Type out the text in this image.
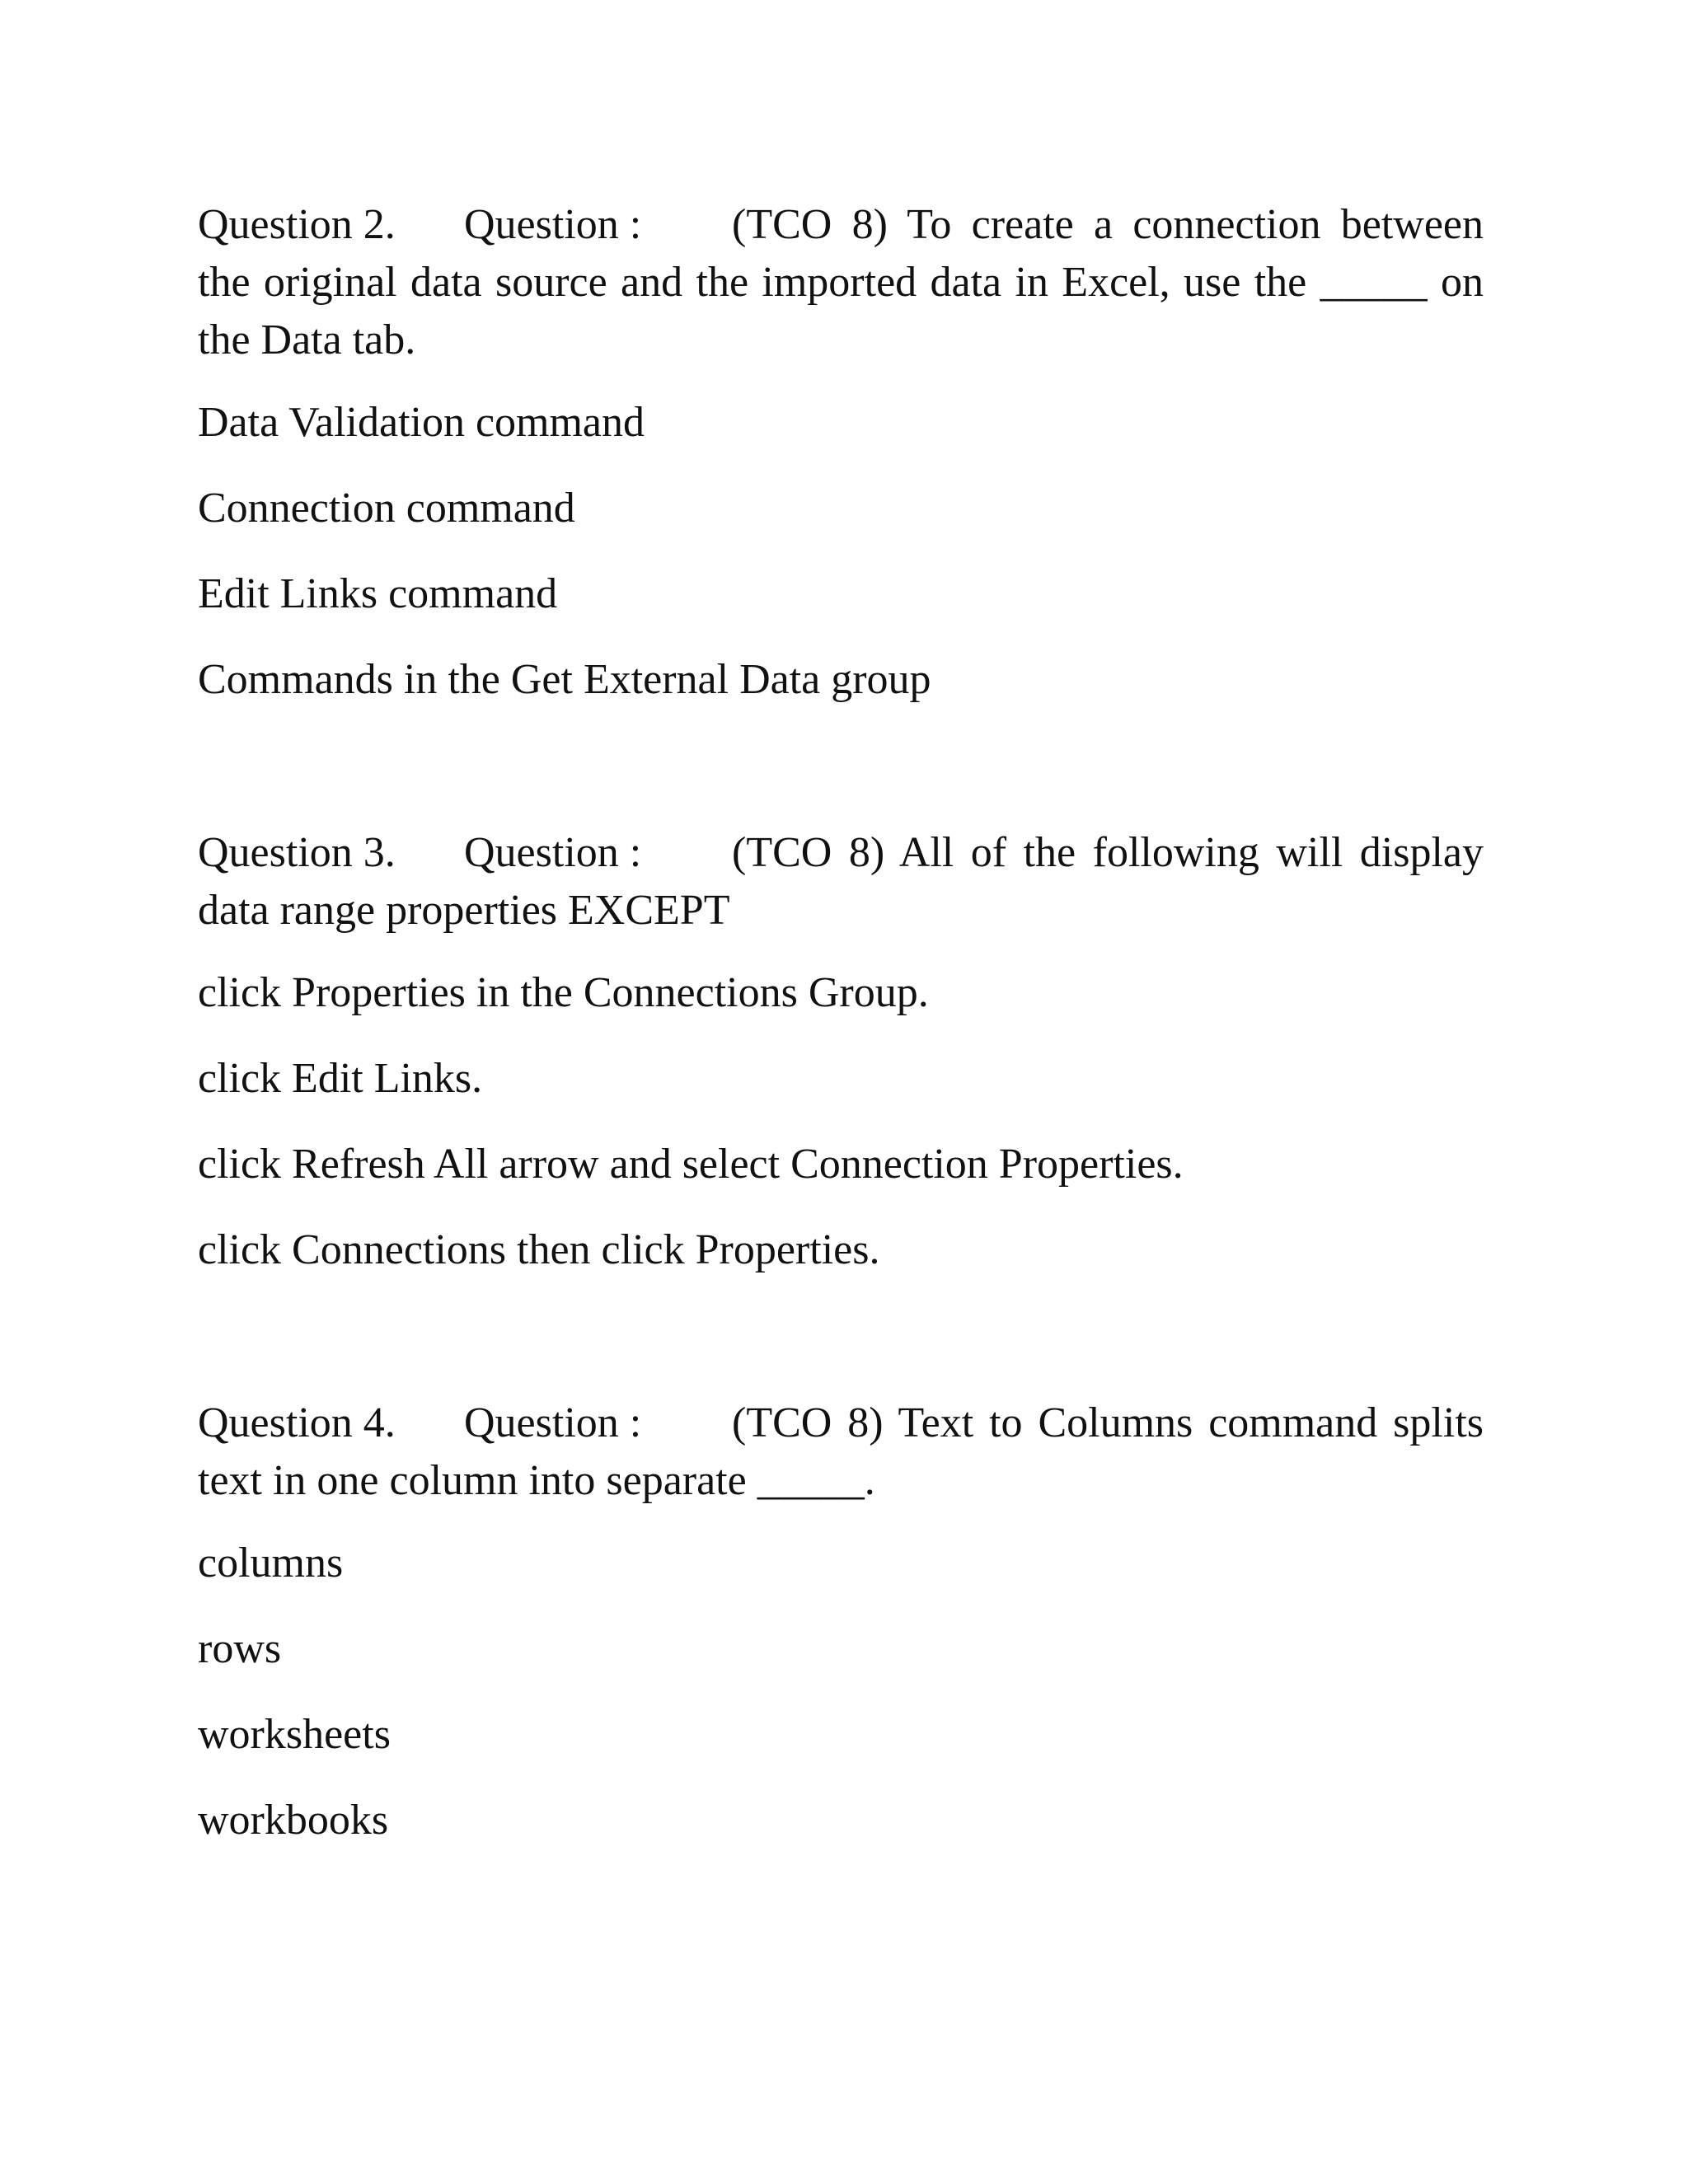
Question 2. Question : (TCO 8) To create a connection between the original data source and the imported data in Excel, use the _____ on the Data tab.

Data Validation command
Connection command
Edit Links command
Commands in the Get External Data group

Question 3. Question : (TCO 8) All of the following will display data range properties EXCEPT

click Properties in the Connections Group.
click Edit Links.
click Refresh All arrow and select Connection Properties.
click Connections then click Properties.

Question 4. Question : (TCO 8) Text to Columns command splits text in one column into separate _____.

columns
rows
worksheets
workbooks
